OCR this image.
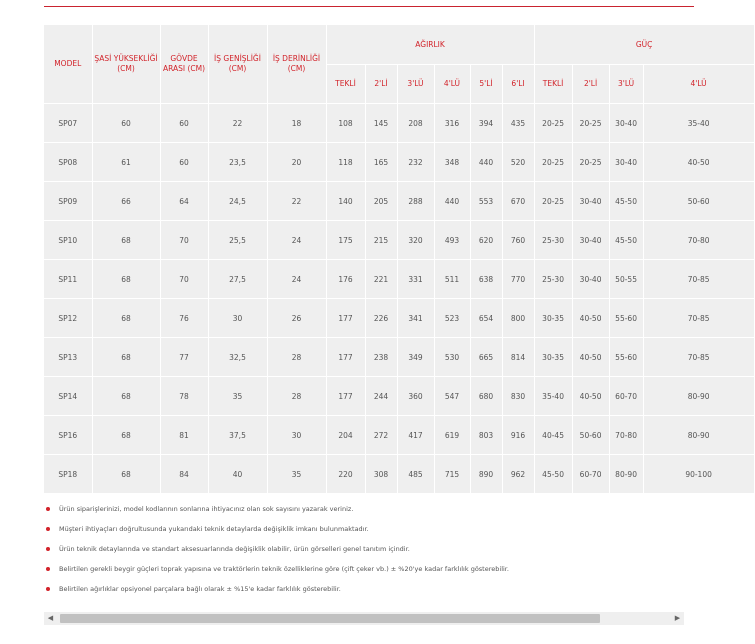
MODEL	ŞASİ YÜKSEKLİĞİ (CM)	GÖVDE ARASI (CM)	İŞ GENİŞLİĞİ (CM)	İŞ DERİNLİĞİ (CM)	AĞIRLIK						GÜÇ			
					TEKLİ	2'Lİ	3'LÜ	4'LÜ	5'Lİ	6'LI	TEKLİ	2'Lİ	3'LÜ	4'LÜ
SP07	60	60	22	18	108	145	208	316	394	435	20-25	20-25	30-40	35-40
SP08	61	60	23,5	20	118	165	232	348	440	520	20-25	20-25	30-40	40-50
SP09	66	64	24,5	22	140	205	288	440	553	670	20-25	30-40	45-50	50-60
SP10	68	70	25,5	24	175	215	320	493	620	760	25-30	30-40	45-50	70-80
SP11	68	70	27,5	24	176	221	331	511	638	770	25-30	30-40	50-55	70-85
SP12	68	76	30	26	177	226	341	523	654	800	30-35	40-50	55-60	70-85
SP13	68	77	32,5	28	177	238	349	530	665	814	30-35	40-50	55-60	70-85
SP14	68	78	35	28	177	244	360	547	680	830	35-40	40-50	60-70	80-90
SP16	68	81	37,5	30	204	272	417	619	803	916	40-45	50-60	70-80	80-90
SP18	68	84	40	35	220	308	485	715	890	962	45-50	60-70	80-90	90-100
Ürün siparişlerinizi, model kodlarının sonlarına ihtiyacınız olan sok sayısını yazarak veriniz.
Müşteri ihtiyaçları doğrultusunda yukarıdaki teknik detaylarda değişiklik imkanı bulunmaktadır.
Ürün teknik detaylarında ve standart aksesuarlarında değişiklik olabilir, ürün görselleri genel tanıtım içindir.
Belirtilen gerekli beygir güçleri toprak yapısına ve traktörlerin teknik özelliklerine göre (çift çeker vb.) ± %20'ye kadar farklılık gösterebilir.
Belirtilen ağırlıklar opsiyonel parçalara bağlı olarak ± %15'e kadar farklılık gösterebilir.
◀	▶
